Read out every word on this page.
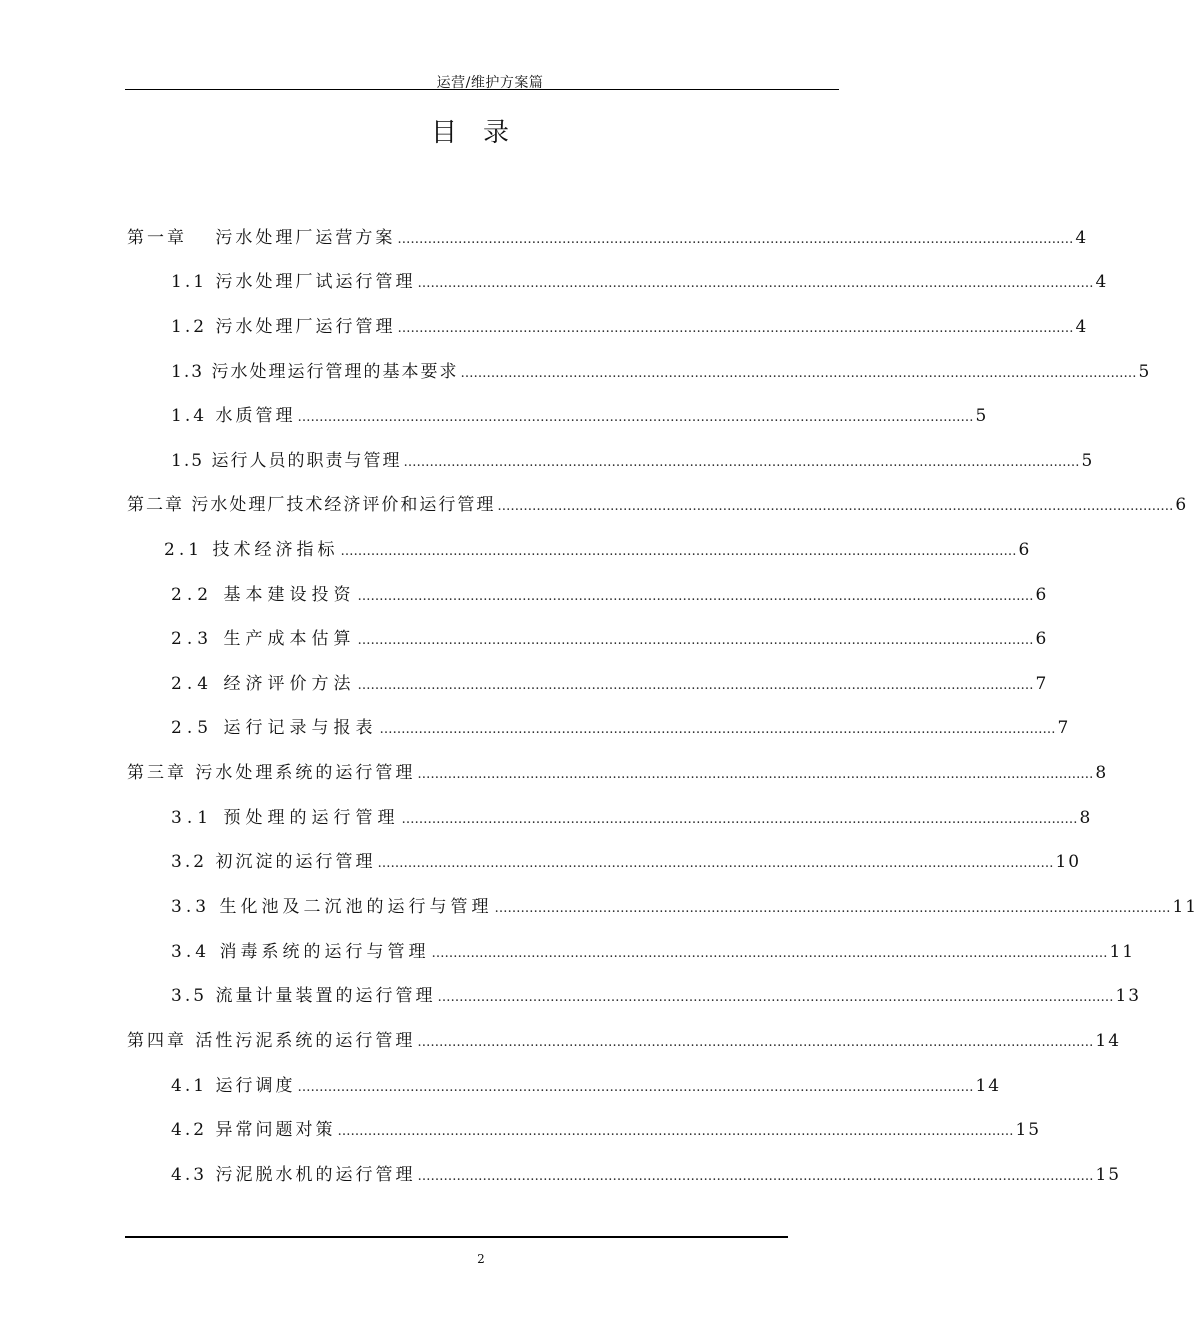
运营/维护方案篇
目录
第一章　 污水处理厂运营方案 ………………………………………………………………………………………………………………………………………… 4
1.1 污水处理厂试运行管理 ………………………………………………………………………………………………………………………………………… 4
1.2 污水处理厂运行管理 ………………………………………………………………………………………………………………………………………… 4
1.3 污水处理运行管理的基本要求 ………………………………………………………………………………………………………………………………………… 5
1.4 水质管理 ………………………………………………………………………………………………………………………………………… 5
1.5 运行人员的职责与管理 ………………………………………………………………………………………………………………………………………… 5
第二章 污水处理厂技术经济评价和运行管理 ………………………………………………………………………………………………………………………………………… 6
2.1 技术经济指标 ………………………………………………………………………………………………………………………………………… 6
2.2 基本建设投资 ………………………………………………………………………………………………………………………………………… 6
2.3 生产成本估算 ………………………………………………………………………………………………………………………………………… 6
2.4 经济评价方法 ………………………………………………………………………………………………………………………………………… 7
2.5 运行记录与报表 ………………………………………………………………………………………………………………………………………… 7
第三章 污水处理系统的运行管理 ………………………………………………………………………………………………………………………………………… 8
3.1 预处理的运行管理 ………………………………………………………………………………………………………………………………………… 8
3.2 初沉淀的运行管理 ………………………………………………………………………………………………………………………………………… 10
3.3 生化池及二沉池的运行与管理 ………………………………………………………………………………………………………………………………………… 11
3.4 消毒系统的运行与管理 ………………………………………………………………………………………………………………………………………… 11
3.5 流量计量装置的运行管理 ………………………………………………………………………………………………………………………………………… 13
第四章 活性污泥系统的运行管理 ………………………………………………………………………………………………………………………………………… 14
4.1 运行调度 ………………………………………………………………………………………………………………………………………… 14
4.2 异常问题对策 ………………………………………………………………………………………………………………………………………… 15
4.3 污泥脱水机的运行管理 ………………………………………………………………………………………………………………………………………… 15
2
